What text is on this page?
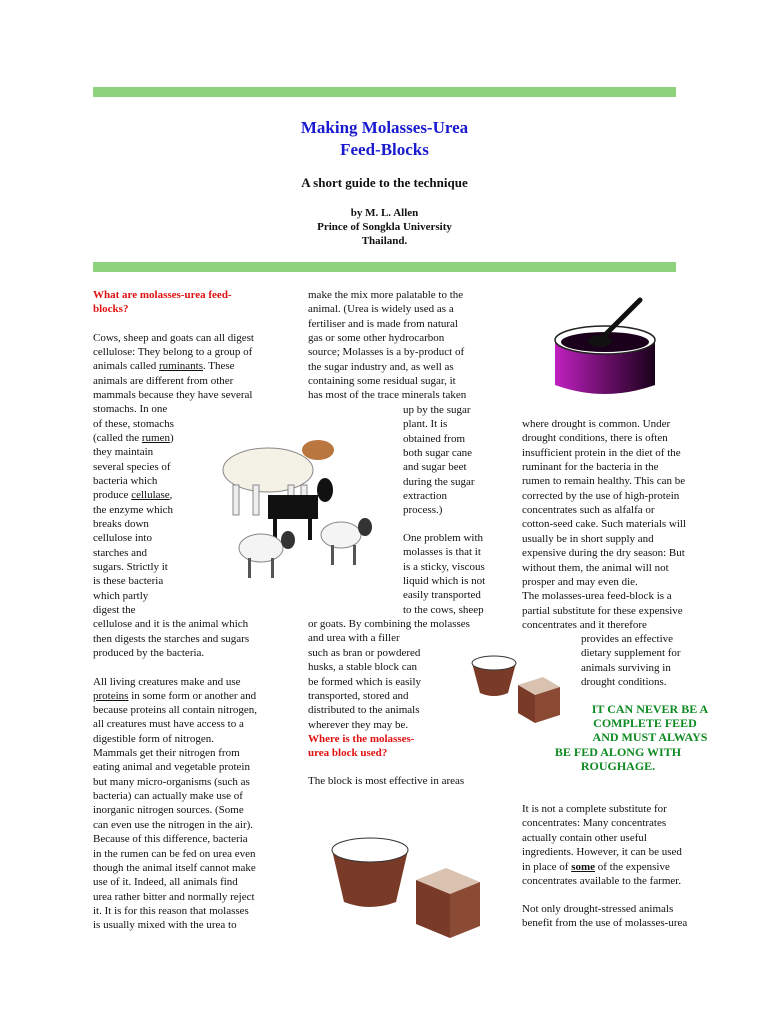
Making Molasses-Urea
Feed-Blocks
A short guide to the technique
by M. L. Allen
Prince of Songkla University
Thailand.
What are molasses-urea feed-
blocks?
Cows, sheep and goats can all digest
cellulose: They belong to a group of
animals called ruminants. These
animals are different from other
mammals because they have several
stomachs. In one
of these, stomachs
(called the rumen)
they maintain
several species of
bacteria which
produce cellulase,
the enzyme which
breaks down
cellulose into
starches and
sugars. Strictly it
is these bacteria
which partly
digest the
cellulose and it is the animal which
then digests the starches and sugars
produced by the bacteria.
All living creatures make and use
proteins in some form or another and
because proteins all contain nitrogen,
all creatures must have access to a
digestible form of nitrogen.
Mammals get their nitrogen from
eating animal and vegetable protein
but many micro-organisms (such as
bacteria) can actually make use of
inorganic nitrogen sources. (Some
can even use the nitrogen in the air).
Because of this difference, bacteria
in the rumen can be fed on urea even
though the animal itself cannot make
use of it. Indeed, all animals find
urea rather bitter and normally reject
it. It is for this reason that molasses
is usually mixed with the urea to
make the mix more palatable to the
animal. (Urea is widely used as a
fertiliser and is made from natural
gas or some other hydrocarbon
source; Molasses is a by-product of
the sugar industry and, as well as
containing some residual sugar, it
has most of the trace minerals taken
up by the sugar
plant. It is
obtained from
both sugar cane
and sugar beet
during the sugar
extraction
process.)
One problem with
molasses is that it
is a sticky, viscous
liquid which is not
easily transported
to the cows, sheep
or goats. By combining the molasses
and urea with a filler
such as bran or powdered
husks, a stable block can
be formed which is easily
transported, stored and
distributed to the animals
wherever they may be.
Where is the molasses-
urea block used?
The block is most effective in areas
where drought is common. Under
drought conditions, there is often
insufficient protein in the diet of the
ruminant for the bacteria in the
rumen to remain healthy. This can be
corrected by the use of high-protein
concentrates such as alfalfa or
cotton-seed cake. Such materials will
usually be in short supply and
expensive during the dry season: But
without them, the animal will not
prosper and may even die.
The molasses-urea feed-block is a
partial substitute for these expensive
concentrates and it therefore
provides an effective
dietary supplement for
animals surviving in
drought conditions.
IT CAN NEVER BE A
COMPLETE FEED
AND MUST ALWAYS
BE FED ALONG WITH
ROUGHAGE.
It is not a complete substitute for
concentrates: Many concentrates
actually contain other useful
ingredients. However, it can be used
in place of some of the expensive
concentrates available to the farmer.
Not only drought-stressed animals
benefit from the use of molasses-urea
